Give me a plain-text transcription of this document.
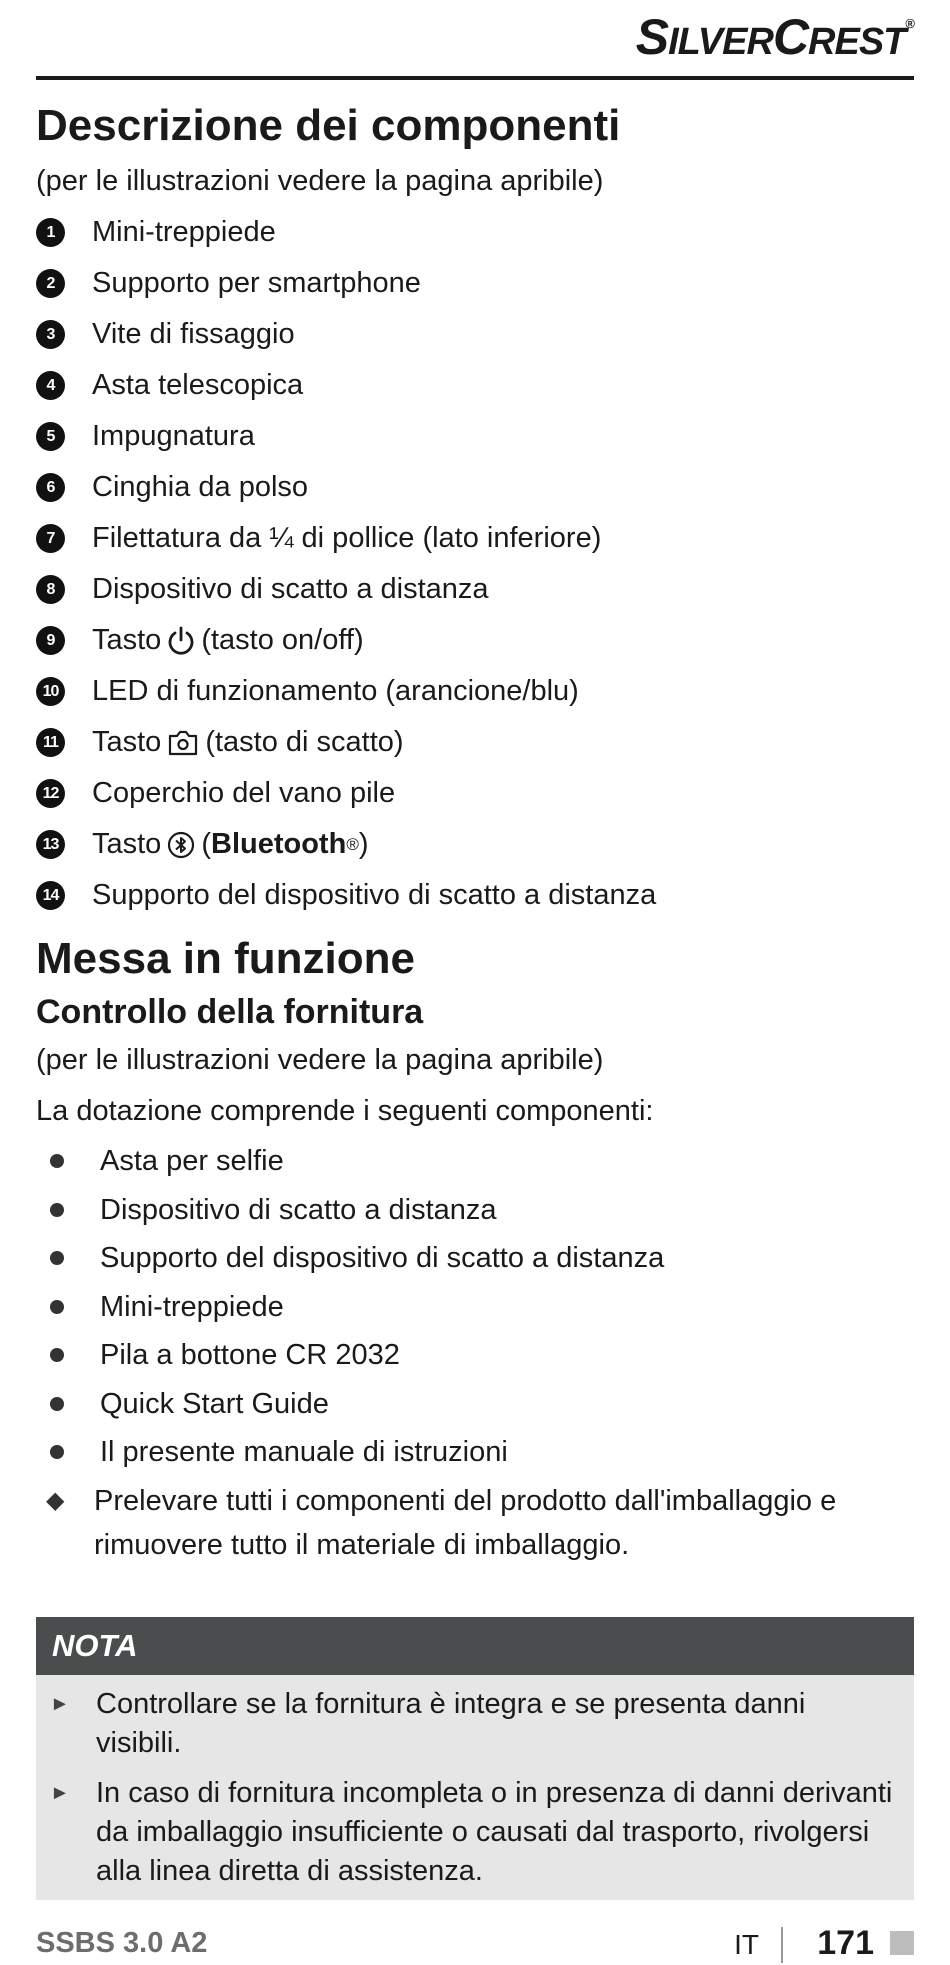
SILVERCREST®
Descrizione dei componenti
(per le illustrazioni vedere la pagina apribile)
1	Mini-treppiede
2	Supporto per smartphone
3	Vite di fissaggio
4	Asta telescopica
5	Impugnatura
6	Cinghia da polso
7	Filettatura da ¼ di pollice (lato inferiore)
8	Dispositivo di scatto a distanza
9	Tasto (tasto on/off)
10 LED di funzionamento (arancione/blu)
11 Tasto (tasto di scatto)
12 Coperchio del vano pile
13 Tasto ( Bluetooth ® )
14 Supporto del dispositivo di scatto a distanza
Messa in funzione
Controllo della fornitura
(per le illustrazioni vedere la pagina apribile)
La dotazione comprende i seguenti componenti:
Asta per selfie
Dispositivo di scatto a distanza
Supporto del dispositivo di scatto a distanza
Mini-treppiede
Pila a bottone CR 2032
Quick Start Guide
Il presente manuale di istruzioni
◆	Prelevare tutti i componenti del prodotto dall'imballaggio e rimuovere tutto il materiale di imballaggio.
NOTA
► Controllare se la fornitura è integra e se presenta danni visibili.
► In caso di fornitura incompleta o in presenza di danni derivanti da imballaggio insufficiente o causati dal trasporto, rivolgersi alla linea diretta di assistenza.
SSBS 3.0 A2	IT 171
